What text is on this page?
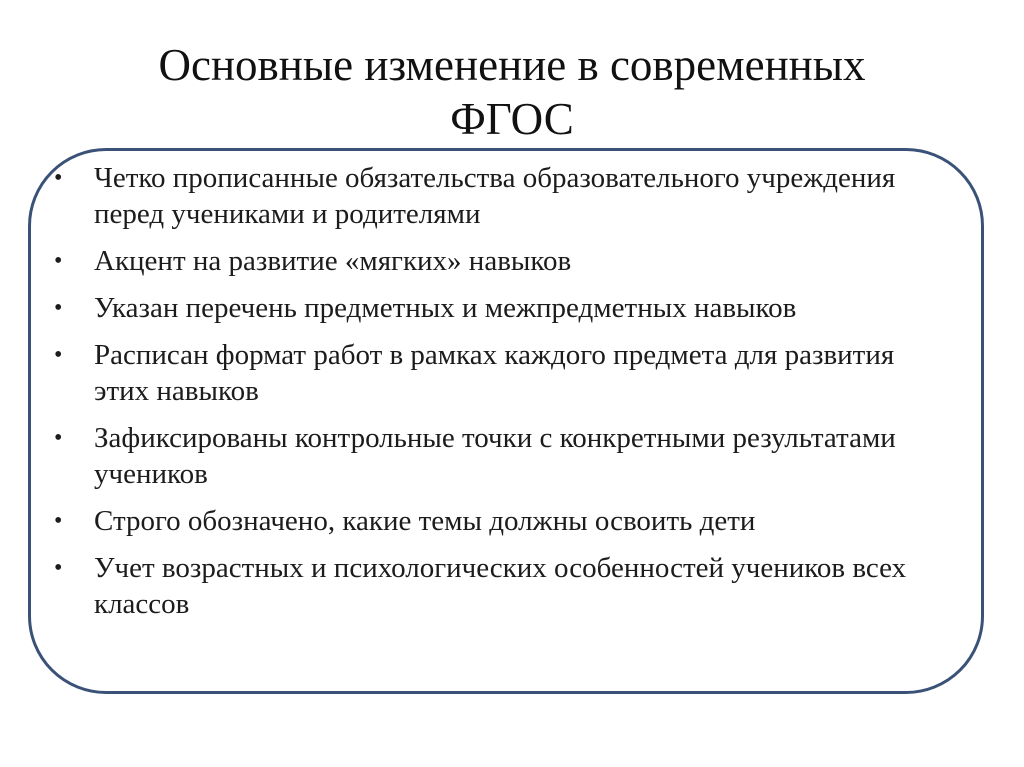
Основные изменение в современных
ФГОС
• Четко прописанные обязательства образовательного учреждения перед учениками и родителями
• Акцент на развитие «мягких» навыков
• Указан перечень предметных и межпредметных навыков
• Расписан формат работ в рамках каждого предмета для развития этих навыков
• Зафиксированы контрольные точки с конкретными результатами учеников
• Строго обозначено, какие темы должны освоить дети
• Учет возрастных и психологических особенностей учеников всех классов
